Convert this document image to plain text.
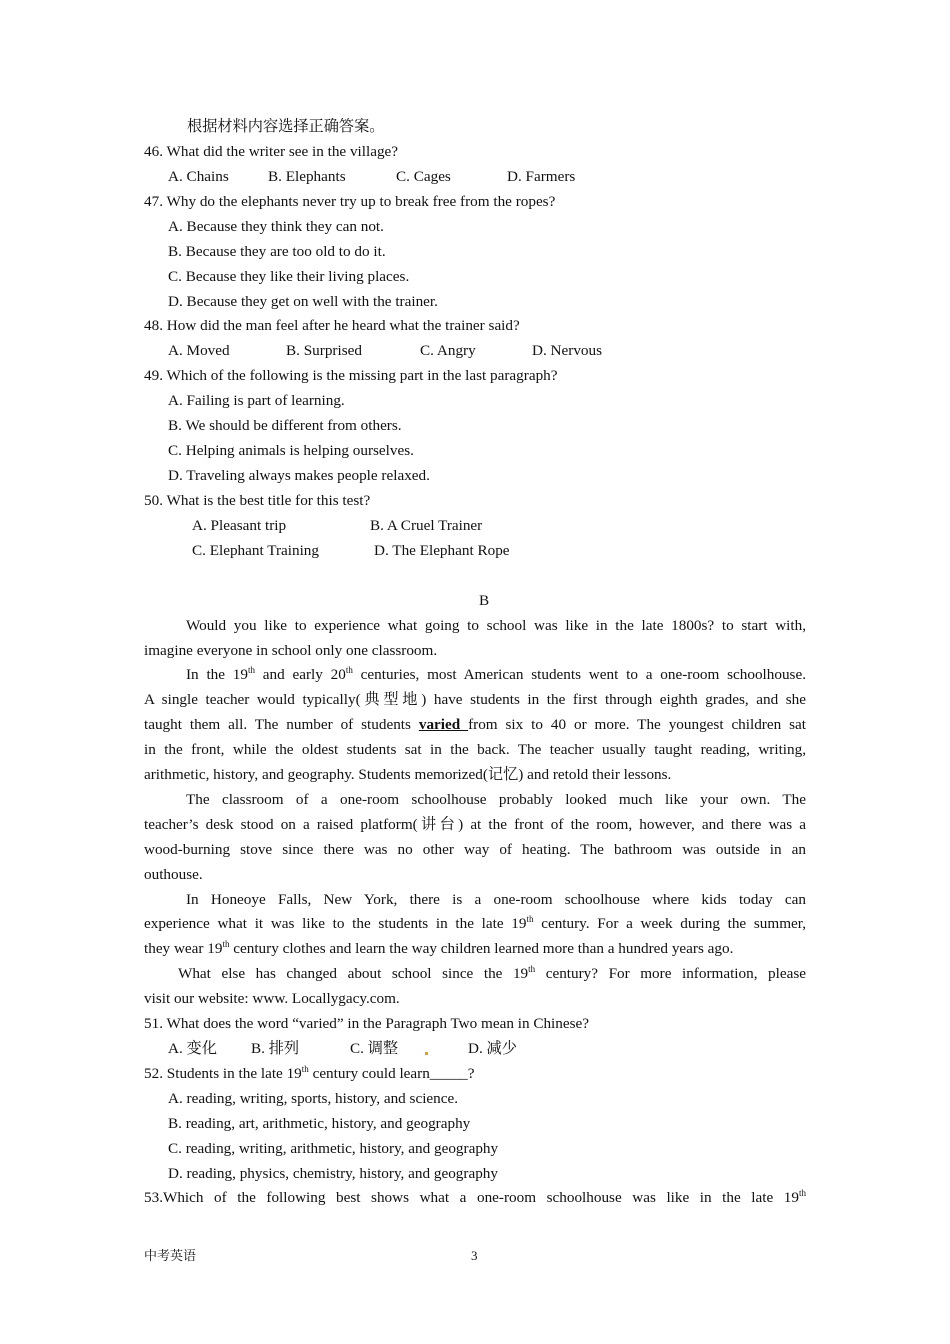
根据材料内容选择正确答案。
46. What did the writer see in the village?
A. Chains	B. Elephants	C. Cages	D. Farmers
47. Why do the elephants never try up to break free from the ropes?
A. Because they think they can not.
B. Because they are too old to do it.
C. Because they like their living places.
D. Because they get on well with the trainer.
48. How did the man feel after he heard what the trainer said?
A. Moved	B. Surprised	C. Angry	D. Nervous
49. Which of the following is the missing part in the last paragraph?
A. Failing is part of learning.
B. We should be different from others.
C. Helping animals is helping ourselves.
D. Traveling always makes people relaxed.
50. What is the best title for this test?
A. Pleasant trip	B. A Cruel Trainer
C. Elephant Training	D. The Elephant Rope
B
Would you like to experience what going to school was like in the late 1800s? to start with,
imagine everyone in school only one classroom.
In the 19th and early 20th centuries, most American students went to a one-room schoolhouse.
A single teacher would typically(典型地) have students in the first through eighth grades, and she
taught them all. The number of students varied from six to 40 or more. The youngest children sat
in the front, while the oldest students sat in the back. The teacher usually taught reading, writing,
arithmetic, history, and geography. Students memorized(记忆) and retold their lessons.
The classroom of a one-room schoolhouse probably looked much like your own. The
teacher’s desk stood on a raised platform(讲台) at the front of the room, however, and there was a
wood-burning stove since there was no other way of heating. The bathroom was outside in an
outhouse.
In Honeoye Falls, New York, there is a one-room schoolhouse where kids today can
experience what it was like to the students in the late 19th century. For a week during the summer,
they wear 19th century clothes and learn the way children learned more than a hundred years ago.
What else has changed about school since the 19th century? For more information, please
visit our website: www. Locallygacy.com.
51. What does the word “varied” in the Paragraph Two mean in Chinese?
A. 变化 B. 排列	C. 调整	D. 减少
52. Students in the late 19th century could learn_____?
A. reading, writing, sports, history, and science.
B. reading, art, arithmetic, history, and geography
C. reading, writing, arithmetic, history, and geography
D. reading, physics, chemistry, history, and geography
53.Which of the following best shows what a one-room schoolhouse was like in the late 19th
中考英语	3
